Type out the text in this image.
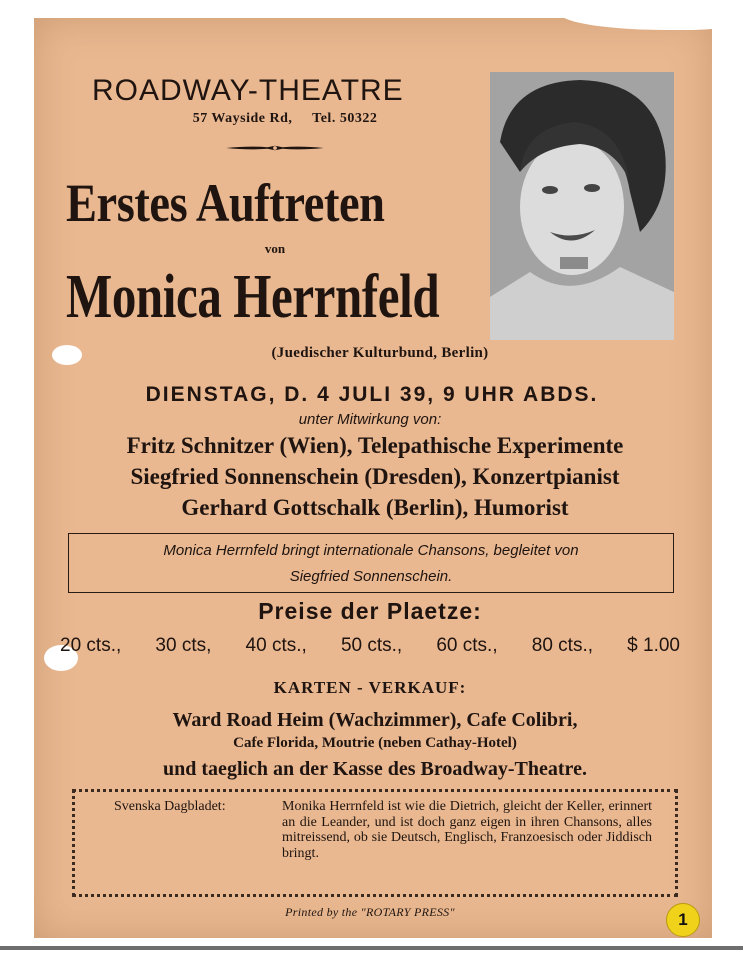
ROADWAY-THEATRE
57 Wayside Rd, Tel. 50322
Erstes Auftreten
von
Monica Herrnfeld
(Juedischer Kulturbund, Berlin)
DIENSTAG, D. 4 JULI 39, 9 UHR ABDS.
unter Mitwirkung von:
Fritz Schnitzer (Wien), Telepathische Experimente
Siegfried Sonnenschein (Dresden), Konzertpianist
Gerhard Gottschalk (Berlin), Humorist
Monica Herrnfeld bringt internationale Chansons, begleitet von
Siegfried Sonnenschein.
Preise der Plaetze:
20 cts., 30 cts, 40 cts., 50 cts., 60 cts., 80 cts., $ 1.00
KARTEN - VERKAUF:
Ward Road Heim (Wachzimmer), Cafe Colibri,
Cafe Florida, Moutrie (neben Cathay-Hotel)
und taeglich an der Kasse des Broadway-Theatre.
Svenska Dagbladet:	Monika Herrnfeld ist wie die Dietrich, gleicht der Keller, erinnert an die Leander, und ist doch ganz eigen in ihren Chansons, alles mitreissend, ob sie Deutsch, Englisch, Franzoesisch oder Jiddisch bringt.
Printed by the "ROTARY PRESS"	1
